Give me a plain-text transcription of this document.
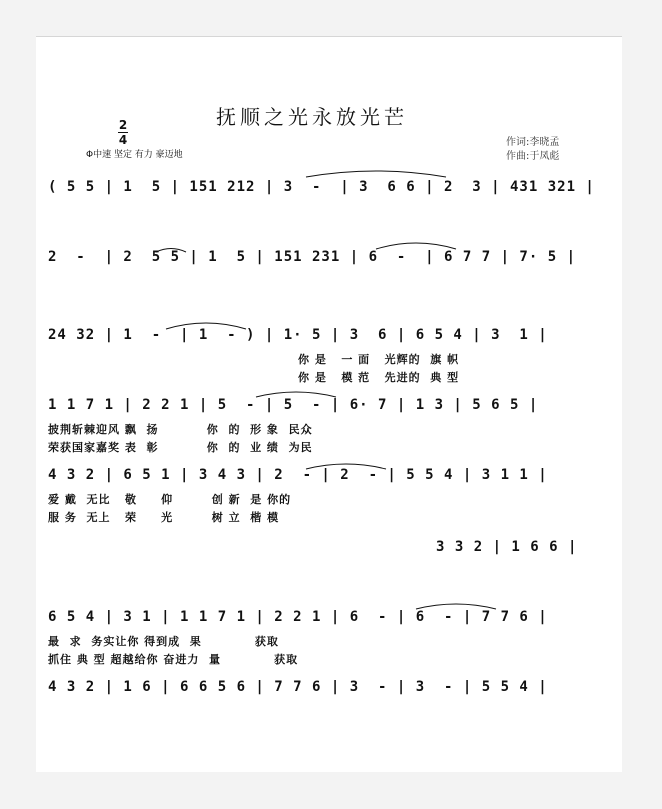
抚顺之光永放光芒
作词:李晓孟
作曲:于凤彪
2
4
Φ中速 坚定 有力 豪迈地
( 5 5 | 1  5 | 151 212 | 3  -  | 3  6 6 | 2  3 | 431 321 |
2  -  | 2  5 5 | 1  5 | 151 231 | 6  -  | 6 7 7 | 7· 5 |
24 32 | 1  -  | 1  - ) | 1· 5 | 3  6 | 6 5 4 | 3  1 |
你 是   一 面   光辉的  旗 帜
你 是   模 范   先进的  典 型
1 1 7 1 | 2 2 1 | 5  - | 5  - | 6· 7 | 1 3 | 5 6 5 |
披荆斩棘迎风 飘  扬          你  的  形 象  民众
荣获国家嘉奖 表  彰          你  的  业 绩  为民
4 3 2 | 6 5 1 | 3 4 3 | 2  - | 2  - | 5 5 4 | 3 1 1 |
爱 戴  无比   敬     仰        创 新  是 你的
服 务  无上   荣     光        树 立  楷 模
3 3 2 | 1 6 6 |
6 5 4 | 3 1 | 1 1 7 1 | 2 2 1 | 6  - | 6  - | 7 7 6 |
最  求  务实让你 得到成  果           获取
抓住 典 型 超越给你 奋进力  量           获取
4 3 2 | 1 6 | 6 6 5 6 | 7 7 6 | 3  - | 3  - | 5 5 4 |
